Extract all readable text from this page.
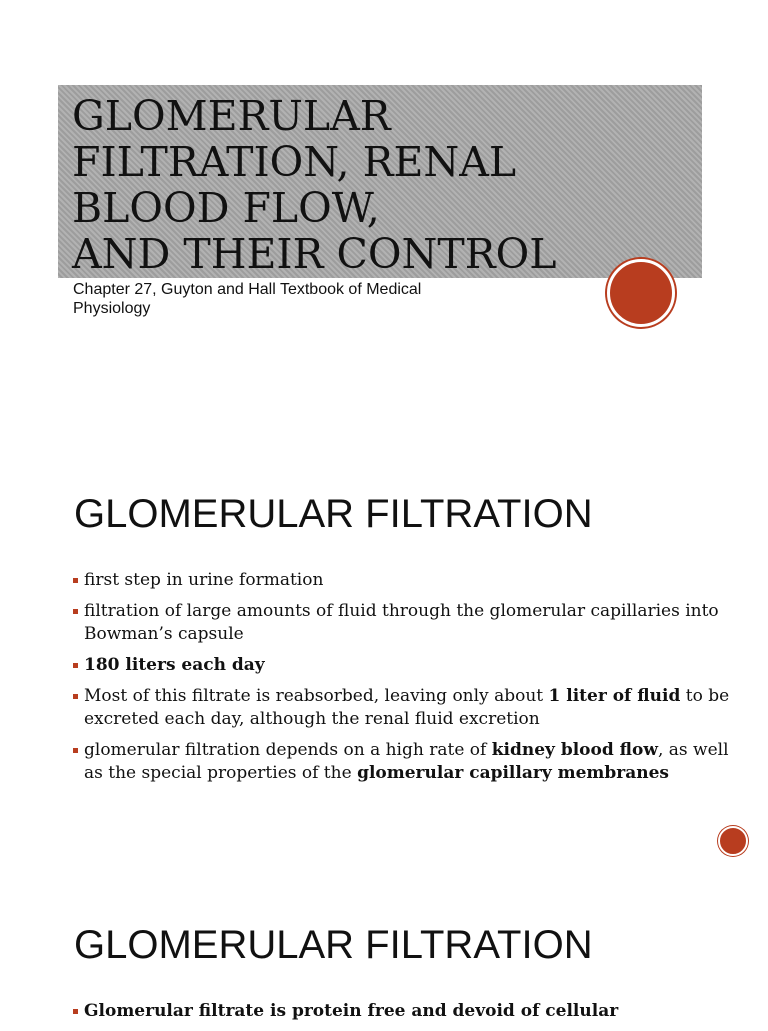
GLOMERULAR
FILTRATION, RENAL
BLOOD FLOW,
AND THEIR CONTROL

Chapter 27, Guyton and Hall Textbook of Medical Physiology

GLOMERULAR FILTRATION
first step in urine formation
filtration of large amounts of fluid through the glomerular capillaries into Bowman’s capsule
180 liters each day
Most of this filtrate is reabsorbed, leaving only about 1 liter of fluid to be excreted each day, although the renal fluid excretion
glomerular filtration depends on a high rate of kidney blood flow, as well as the special properties of the glomerular capillary membranes
GLOMERULAR FILTRATION
Glomerular filtrate is protein free and devoid of cellular
